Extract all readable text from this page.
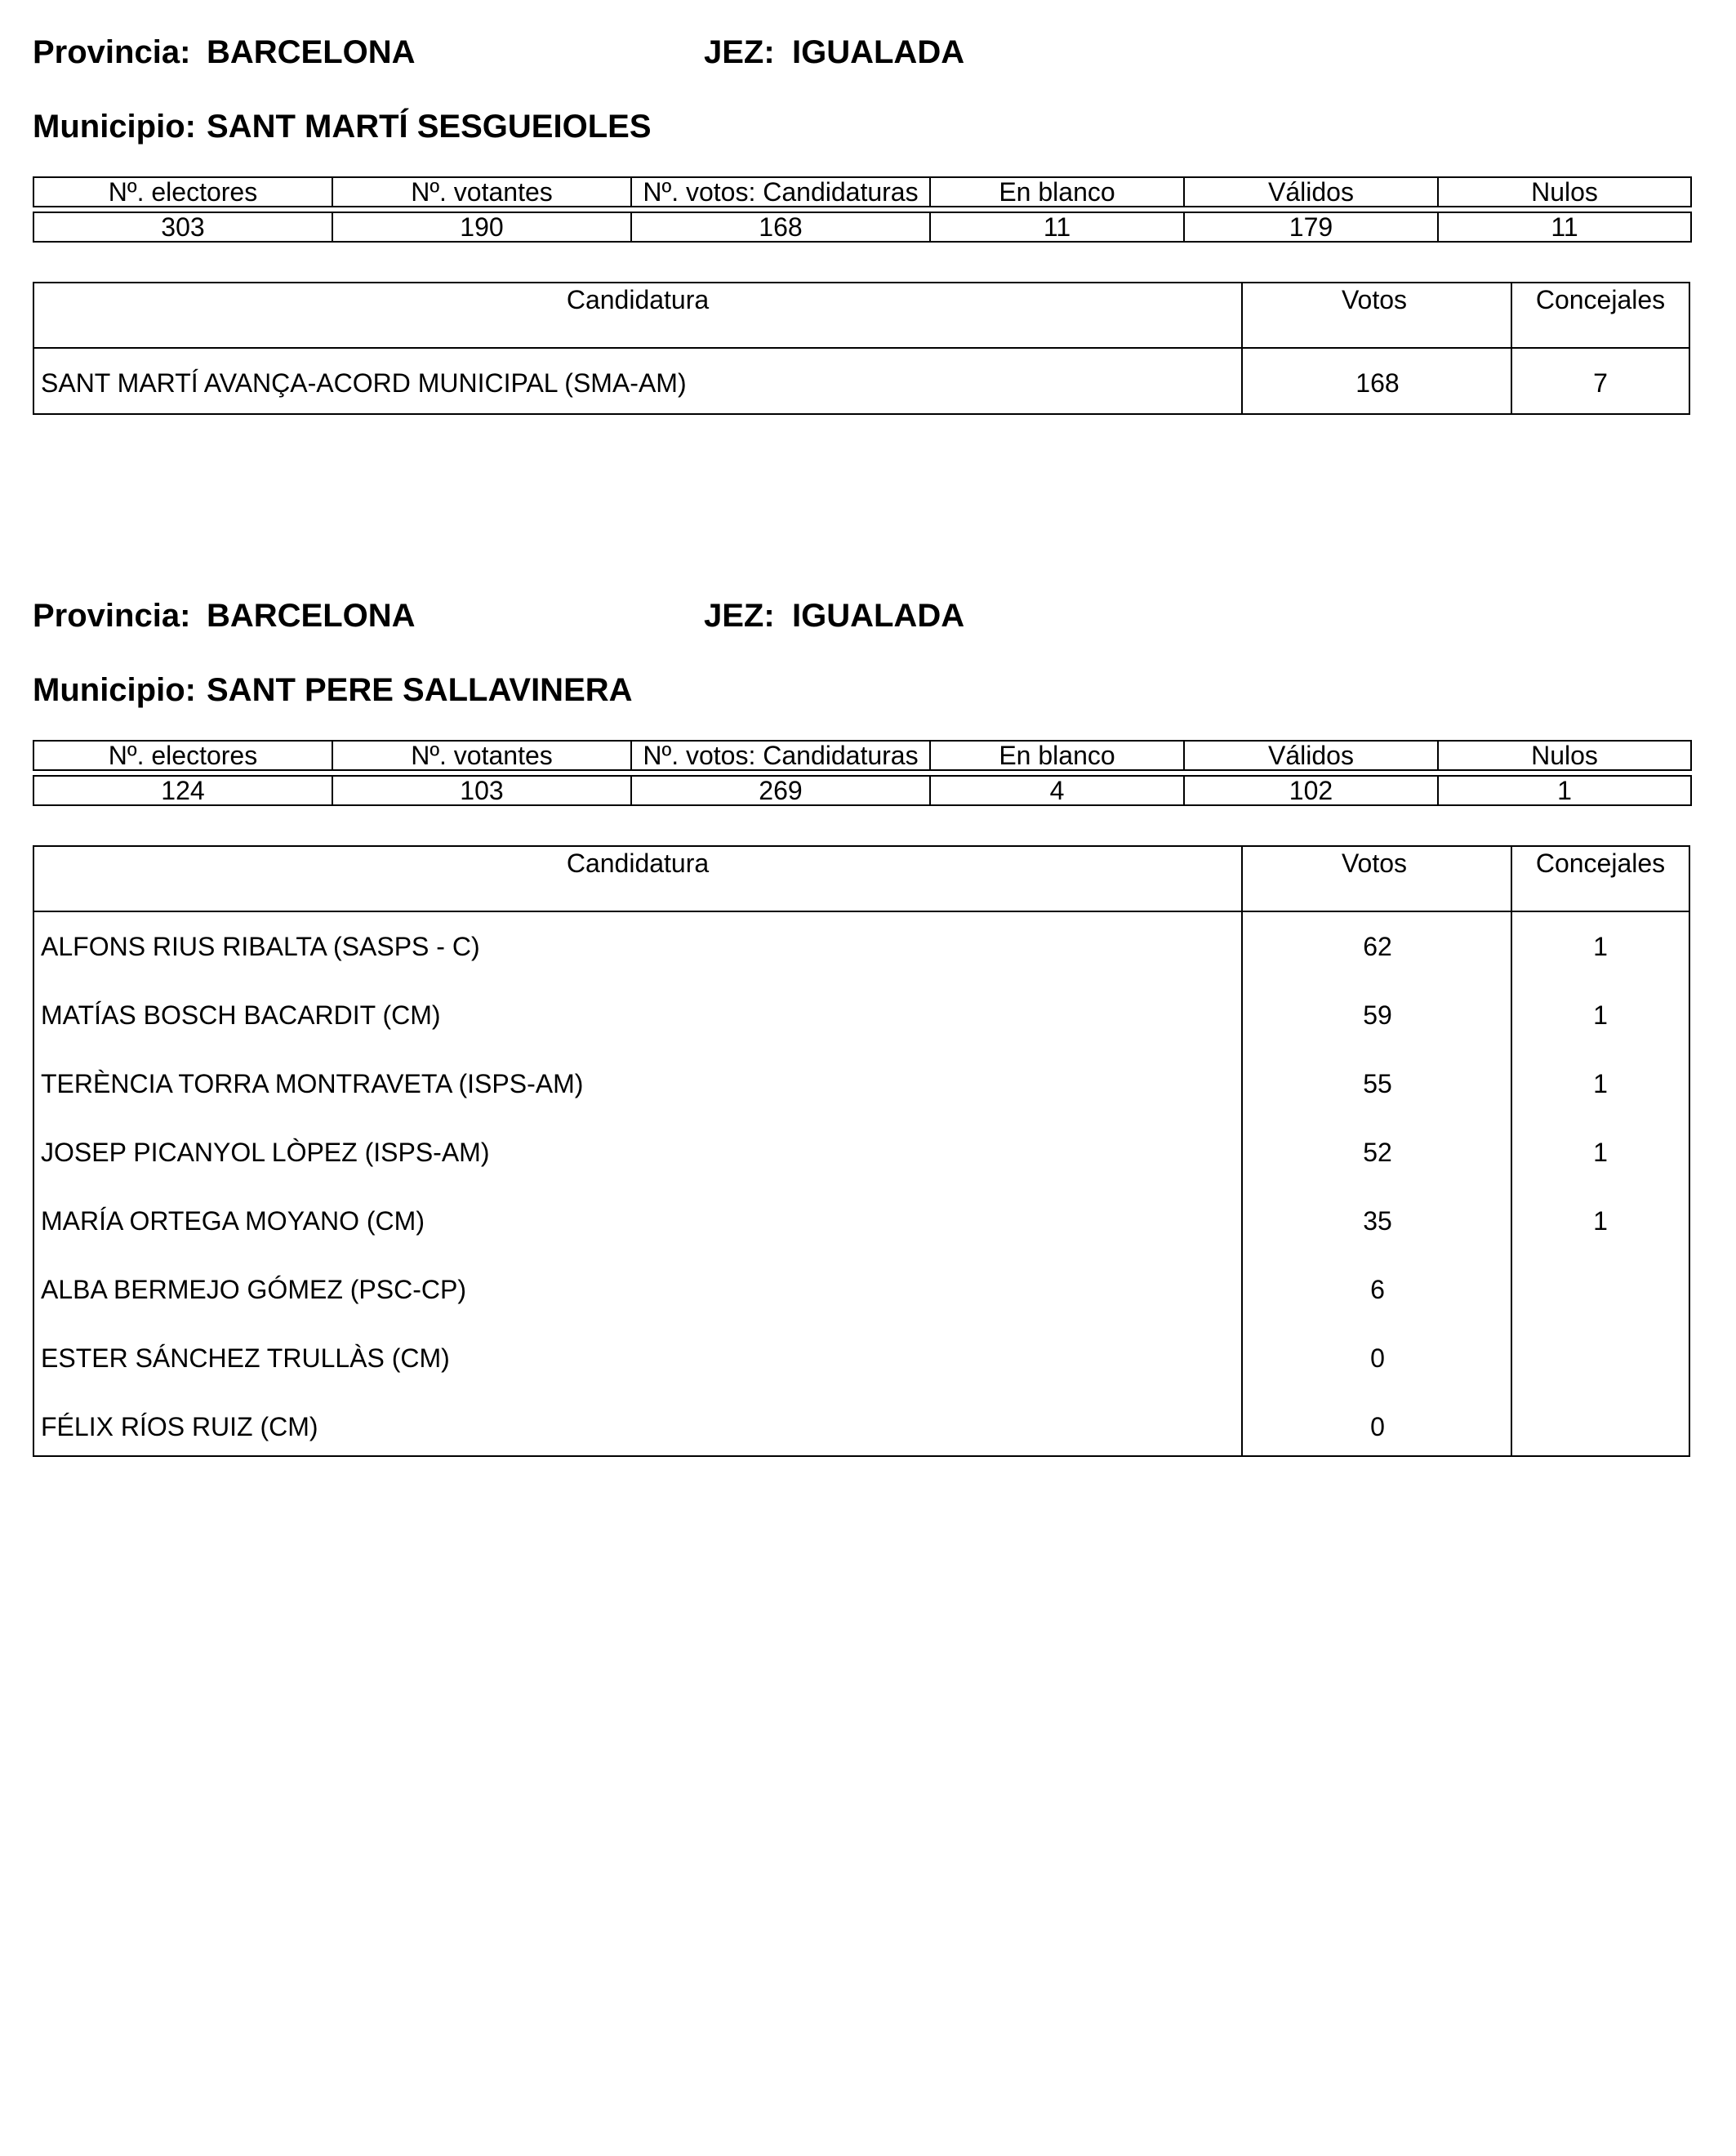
Provincia: BARCELONA	JEZ: IGUALADA
Municipio: SANT MARTÍ SESGUEIOLES
Nº. electores	Nº. votantes	Nº. votos: Candidaturas	En blanco	Válidos	Nulos
303	190	168	11	179	11
Candidatura	Votos	Concejales
SANT MARTÍ AVANÇA-ACORD MUNICIPAL (SMA-AM)	168	7
Provincia: BARCELONA	JEZ: IGUALADA
Municipio: SANT PERE SALLAVINERA
Nº. electores	Nº. votantes	Nº. votos: Candidaturas	En blanco	Válidos	Nulos
124	103	269	4	102	1
Candidatura	Votos	Concejales
ALFONS RIUS RIBALTA (SASPS - C)	62	1
MATÍAS BOSCH BACARDIT (CM)	59	1
TERÈNCIA TORRA MONTRAVETA (ISPS-AM)	55	1
JOSEP PICANYOL LÒPEZ (ISPS-AM)	52	1
MARÍA ORTEGA MOYANO (CM)	35	1
ALBA BERMEJO GÓMEZ (PSC-CP)	6
ESTER SÁNCHEZ TRULLÀS (CM)	0
FÉLIX RÍOS RUIZ (CM)	0
